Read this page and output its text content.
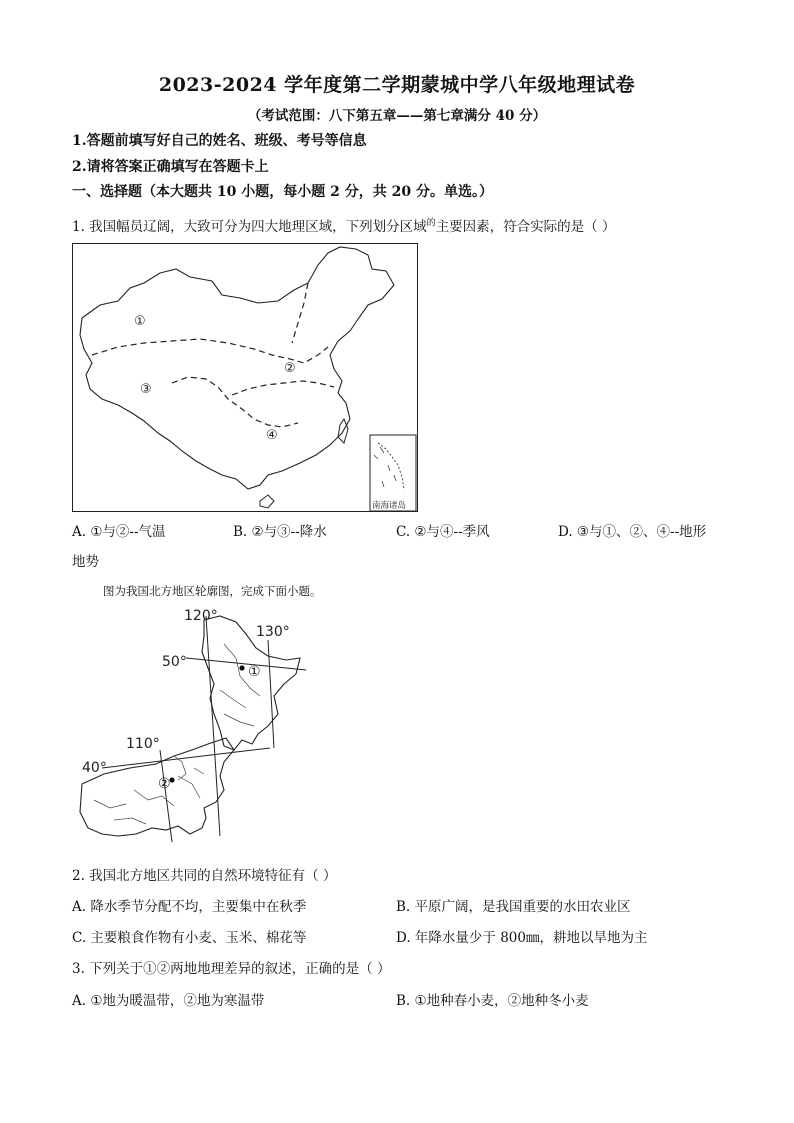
2023-2024 学年度第二学期蒙城中学八年级地理试卷
（考试范围：八下第五章——第七章满分 40 分）
1.答题前填写好自己的姓名、班级、考号等信息
2.请将答案正确填写在答题卡上
一、选择题（本大题共 10 小题，每小题 2 分，共 20 分。单选。）
1. 我国幅员辽阔，大致可分为四大地理区域，下列划分区域$^的$主要因素，符合实际的是（ ）
①
②
③
④
南海诸岛
A. ①与②--气温	B. ②与③--降水	C. ②与④--季风	D. ③与①、②、④--地形
地势
图为我国北方地区轮廓图，完成下面小题。
120°
130°
110°
50°
40°
①
②
2. 我国北方地区共同的自然环境特征有（ ）
A. 降水季节分配不均，主要集中在秋季	B. 平原广阔，是我国重要的水田农业区
C. 主要粮食作物有小麦、玉米、棉花等	D. 年降水量少于 800㎜，耕地以旱地为主
3. 下列关于①②两地地理差异的叙述，正确的是（ ）
A. ①地为暖温带，②地为寒温带	B. ①地种春小麦，②地种冬小麦
